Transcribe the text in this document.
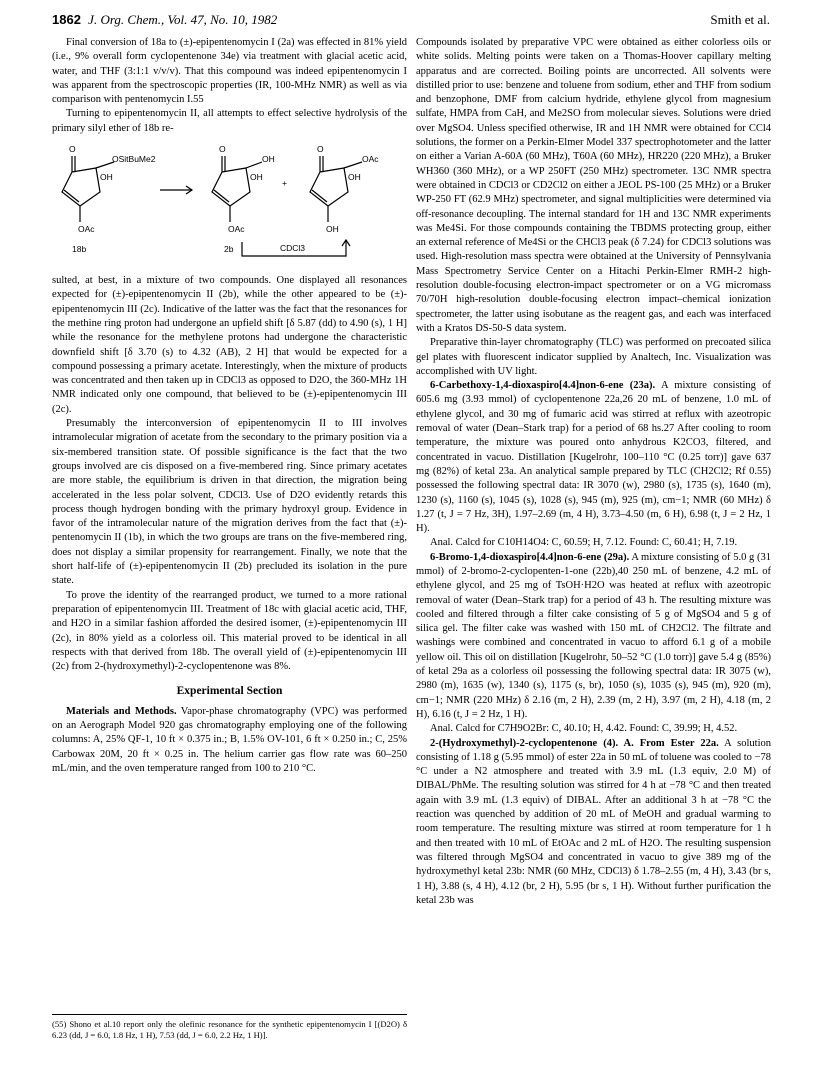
1862 J. Org. Chem., Vol. 47, No. 10, 1982	Smith et al.

Final conversion of 18a to (±)-epipentenomycin I (2a) was effected in 81% yield (i.e., 9% overall form cyclopentenone 34e) via treatment with glacial acetic acid, water, and THF (3:1:1 v/v/v). That this compound was indeed epipentenomycin I was apparent from the spectroscopic properties (IR, 100-MHz NMR) as well as via comparison with pentenomycin I.55

Turning to epipentenomycin II, all attempts to effect selective hydrolysis of the primary silyl ether of 18b re-

O
OSitBuMe2
OH
OAc
18b
O
OH
OH
OAc
2b
+
O
OAc
OH
OH
CDCl3

sulted, at best, in a mixture of two compounds. One displayed all resonances expected for (±)-epipentenomycin II (2b), while the other appeared to be (±)-epipentenomycin III (2c). Indicative of the latter was the fact that the resonances for the methine ring proton had undergone an upfield shift [δ 5.87 (dd) to 4.90 (s), 1 H] while the resonance for the methylene protons had undergone the characteristic downfield shift [δ 3.70 (s) to 4.32 (AB), 2 H] that would be expected for a compound possessing a primary acetate. Interestingly, when the mixture of products was concentrated and then taken up in CDCl3 as opposed to D2O, the 360-MHz 1H NMR indicated only one compound, that believed to be (±)-epipentenomycin III (2c).

Presumably the interconversion of epipentenomycin II to III involves intramolecular migration of acetate from the secondary to the primary position via a six-membered transition state. Of possible significance is the fact that the two groups involved are cis disposed on a five-membered ring. Since primary acetates are more stable, the equilibrium is driven in that direction, the migration being accelerated in the less polar solvent, CDCl3. Use of D2O evidently retards this process though hydrogen bonding with the primary hydroxyl group. Evidence in favor of the intramolecular nature of the migration derives from the fact that (±)-pentenomycin II (1b), in which the two groups are trans on the five-membered ring, does not display a similar propensity for rearrangement. Finally, we note that the short half-life of (±)-epipentenomycin II (2b) precluded its isolation in the pure state.

To prove the identity of the rearranged product, we turned to a more rational preparation of epipentenomycin III. Treatment of 18c with glacial acetic acid, THF, and H2O in a similar fashion afforded the desired isomer, (±)-epipentenomycin III (2c), in 80% yield as a colorless oil. This material proved to be identical in all respects with that derived from 18b. The overall yield of (±)-epipentenomycin III (2c) from 2-(hydroxymethyl)-2-cyclopentenone was 8%.

Experimental Section

Materials and Methods. Vapor-phase chromatography (VPC) was performed on an Aerograph Model 920 gas chromatography employing one of the following columns: A, 25% QF-1, 10 ft × 0.375 in.; B, 1.5% OV-101, 6 ft × 0.250 in.; C, 25% Carbowax 20M, 20 ft × 0.25 in. The helium carrier gas flow rate was 60–250 mL/min, and the oven temperature ranged from 100 to 210 °C.

(55) Shono et al.10 report only the olefinic resonance for the synthetic epipentenomycin I [(D2O) δ 6.23 (dd, J = 6.0, 1.8 Hz, 1 H), 7.53 (dd, J = 6.0, 2.2 Hz, 1 H)].

Compounds isolated by preparative VPC were obtained as either colorless oils or white solids. Melting points were taken on a Thomas-Hoover capillary melting apparatus and are corrected. Boiling points are uncorrected. All solvents were distilled prior to use: benzene and toluene from sodium, ether and THF from sodium and benzophone, DMF from calcium hydride, ethylene glycol from magnesium sulfate, HMPA from CaH, and Me2SO from molecular sieves. Solutions were dried over MgSO4. Unless specified otherwise, IR and 1H NMR were obtained for CCl4 solutions, the former on a Perkin-Elmer Model 337 spectrophotometer and the latter on either a Varian A-60A (60 MHz), T60A (60 MHz), HR220 (220 MHz), a Bruker WH360 (360 MHz), or a WP 250FT (250 MHz) spectrometer. 13C NMR spectra were obtained in CDCl3 or CD2Cl2 on either a JEOL PS-100 (25 MHz) or a Bruker WP-250 FT (62.9 MHz) spectrometer, and signal multiplicities were determined via off-resonance decoupling. The internal standard for 1H and 13C NMR experiments was Me4Si. For those compounds containing the TBDMS protecting group, either an external reference of Me4Si or the CHCl3 peak (δ 7.24) for CDCl3 solutions was used. High-resolution mass spectra were obtained at the University of Pennsylvania Mass Spectrometry Service Center on a Hitachi Perkin-Elmer RMH-2 high-resolution double-focusing electron-impact spectrometer or on a VG micromass 70/70H high-resolution double-focusing electron impact–chemical ionization spectrometer, the latter using isobutane as the reagent gas, and each was interfaced with a Kratos DS-50-S data system.

Preparative thin-layer chromatography (TLC) was performed on precoated silica gel plates with fluorescent indicator supplied by Analtech, Inc. Visualization was accomplished with UV light.

6-Carbethoxy-1,4-dioxaspiro[4.4]non-6-ene (23a). A mixture consisting of 605.6 mg (3.93 mmol) of cyclopentenone 22a,26 20 mL of benzene, 1.0 mL of ethylene glycol, and 30 mg of fumaric acid was stirred at reflux with azeotropic removal of water (Dean–Stark trap) for a period of 68 hs.27 After cooling to room temperature, the mixture was poured onto anhydrous K2CO3, filtered, and concentrated in vacuo. Distillation [Kugelrohr, 100–110 °C (0.25 torr)] gave 637 mg (82%) of ketal 23a. An analytical sample prepared by TLC (CH2Cl2; Rf 0.55) possessed the following spectral data: IR 3070 (w), 2980 (s), 1735 (s), 1640 (m), 1230 (s), 1160 (s), 1045 (s), 1028 (s), 945 (m), 925 (m), cm−1; NMR (60 MHz) δ 1.27 (t, J = 7 Hz, 3H), 1.97–2.69 (m, 4 H), 3.73–4.50 (m, 6 H), 6.98 (t, J = 2 Hz, 1 H).

Anal. Calcd for C10H14O4: C, 60.59; H, 7.12. Found: C, 60.41; H, 7.19.

6-Bromo-1,4-dioxaspiro[4.4]non-6-ene (29a). A mixture consisting of 5.0 g (31 mmol) of 2-bromo-2-cyclopenten-1-one (22b),40 250 mL of benzene, 4.2 mL of ethylene glycol, and 25 mg of TsOH·H2O was heated at reflux with azeotropic removal of water (Dean–Stark trap) for a period of 43 h. The resulting mixture was cooled and filtered through a filter cake consisting of 5 g of MgSO4 and 5 g of silica gel. The filter cake was washed with 150 mL of CH2Cl2. The filtrate and washings were combined and concentrated in vacuo to afford 6.1 g of a mobile yellow oil. This oil on distillation [Kugelrohr, 50–52 °C (1.0 torr)] gave 5.4 g (85%) of ketal 29a as a colorless oil possessing the following spectral data: IR 3075 (w), 2980 (m), 1635 (w), 1340 (s), 1175 (s, br), 1050 (s), 1035 (s), 945 (m), 920 (m), cm−1; NMR (220 MHz) δ 2.16 (m, 2 H), 2.39 (m, 2 H), 3.97 (m, 2 H), 4.18 (m, 2 H), 6.16 (t, J = 2 Hz, 1 H).

Anal. Calcd for C7H9O2Br: C, 40.10; H, 4.42. Found: C, 39.99; H, 4.52.

2-(Hydroxymethyl)-2-cyclopentenone (4). A. From Ester 22a. A solution consisting of 1.18 g (5.95 mmol) of ester 22a in 50 mL of toluene was cooled to −78 °C under a N2 atmosphere and treated with 3.9 mL (1.3 equiv, 2.0 M) of DIBAL/PhMe. The resulting solution was stirred for 4 h at −78 °C and then treated again with 3.9 mL (1.3 equiv) of DIBAL. After an additional 3 h at −78 °C the reaction was quenched by addition of 20 mL of MeOH and gradual warming to room temperature. The resulting mixture was stirred at room temperature for 1 h and then treated with 10 mL of EtOAc and 2 mL of H2O. The resulting suspension was filtered through MgSO4 and concentrated in vacuo to give 389 mg of the hydroxymethyl ketal 23b: NMR (60 MHz, CDCl3) δ 1.78–2.55 (m, 4 H), 3.43 (br s, 1 H), 3.88 (s, 4 H), 4.12 (br, 2 H), 5.95 (br s, 1 H). Without further purification the ketal 23b was
